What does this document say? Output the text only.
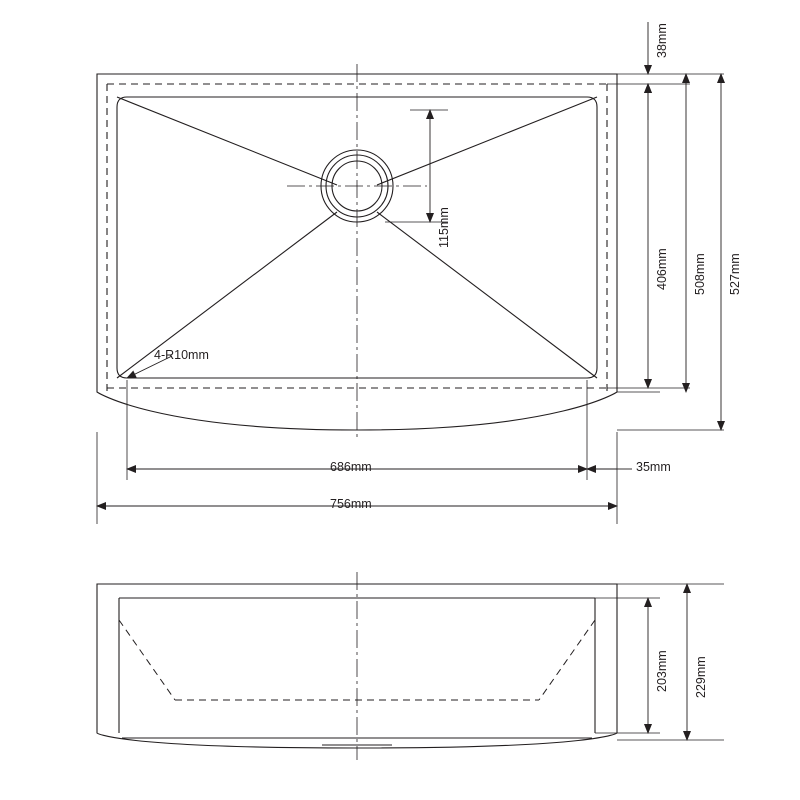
38mm
406mm 508mm 527mm
115mm
686mm	35mm
756mm
4-R10mm
203mm 229mm
